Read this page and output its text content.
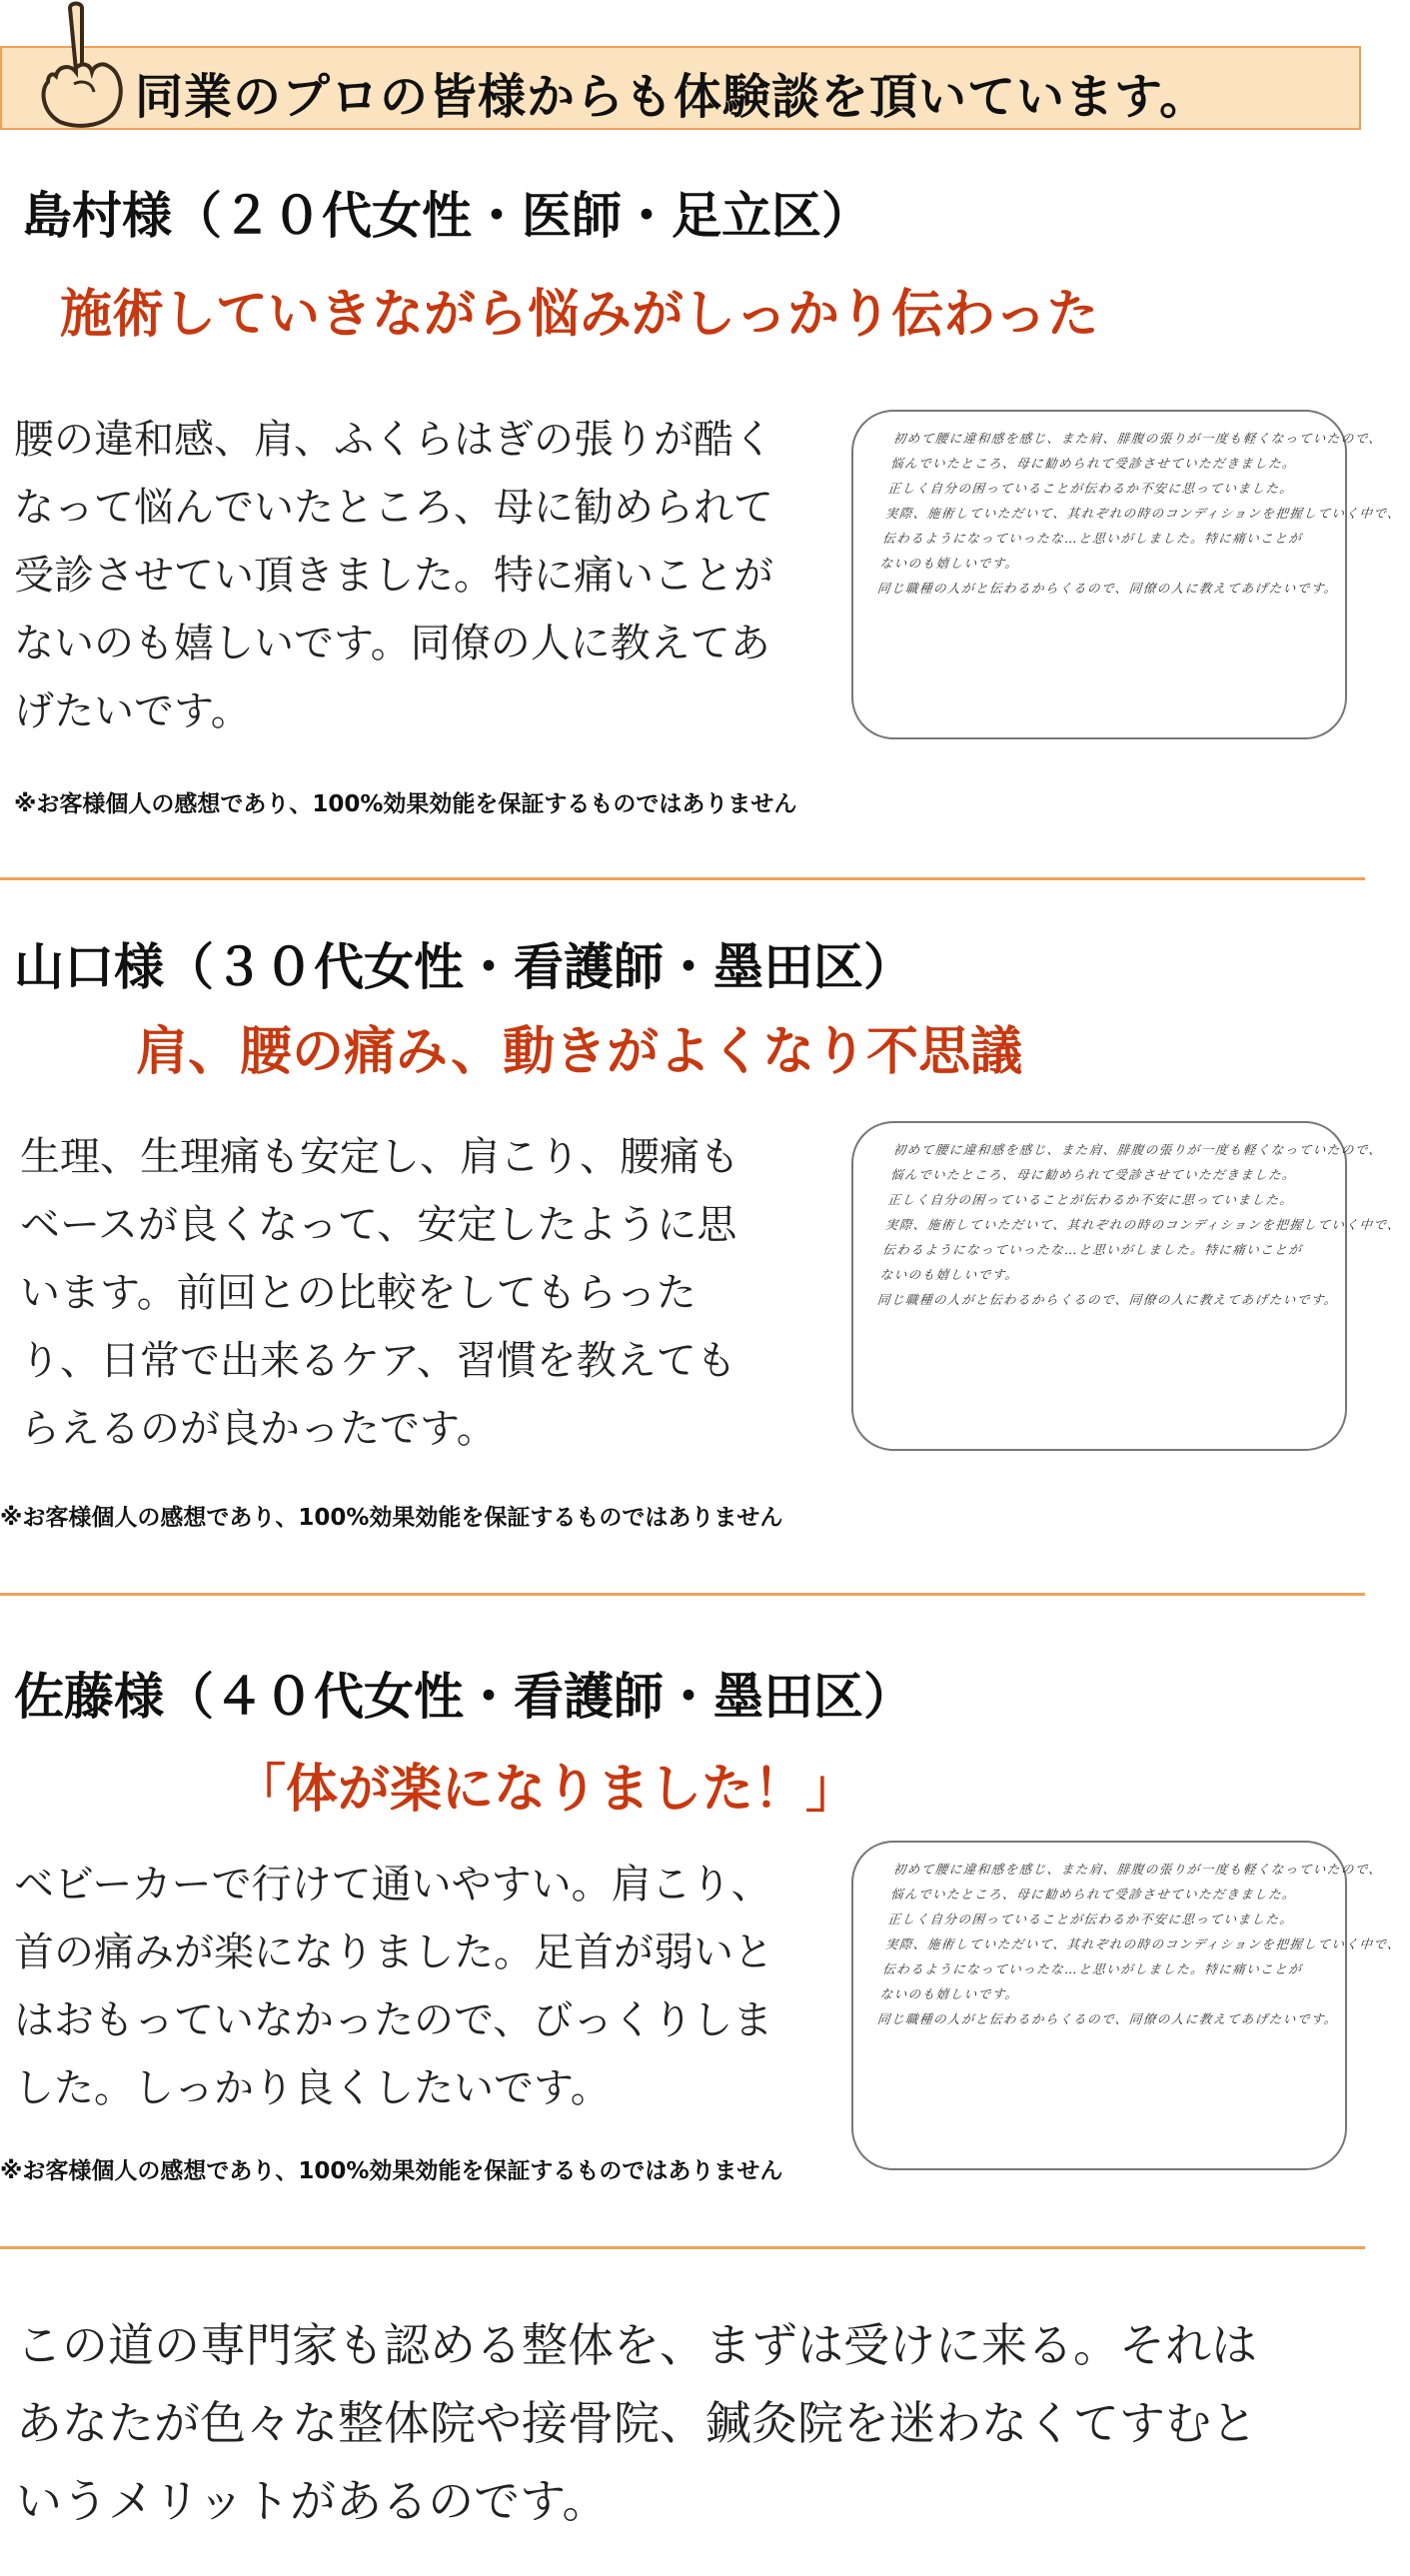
同業のプロの皆様からも体験談を頂いています。
島村様（２０代女性・医師・足立区）
施術していきながら悩みがしっかり伝わった
腰の違和感、肩、ふくらはぎの張りが酷く
なって悩んでいたところ、母に勧められて
受診させてい頂きました。特に痛いことが
ないのも嬉しいです。同僚の人に教えてあ
げたいです。
初めて腰に違和感を感じ、また肩、腓腹の張りが一度も軽くなっていたので、
悩んでいたところ、母に勧められて受診させていただきました。
正しく自分の困っていることが伝わるか不安に思っていました。
実際、施術していただいて、其れぞれの時のコンディションを把握していく中で、
伝わるようになっていったな…と思いがしました。特に痛いことが
ないのも嬉しいです。
同じ職種の人がと伝わるからくるので、同僚の人に教えてあげたいです。
※お客様個人の感想であり、100%効果効能を保証するものではありません
山口様（３０代女性・看護師・墨田区）
肩、腰の痛み、動きがよくなり不思議
生理、生理痛も安定し、肩こり、腰痛も
ベースが良くなって、安定したように思
います。前回との比較をしてもらった
り、日常で出来るケア、習慣を教えても
らえるのが良かったです。
初めて腰に違和感を感じ、また肩、腓腹の張りが一度も軽くなっていたので、
悩んでいたところ、母に勧められて受診させていただきました。
正しく自分の困っていることが伝わるか不安に思っていました。
実際、施術していただいて、其れぞれの時のコンディションを把握していく中で、
伝わるようになっていったな…と思いがしました。特に痛いことが
ないのも嬉しいです。
同じ職種の人がと伝わるからくるので、同僚の人に教えてあげたいです。
※お客様個人の感想であり、100%効果効能を保証するものではありません
佐藤様（４０代女性・看護師・墨田区）
「体が楽になりました！」
ベビーカーで行けて通いやすい。肩こり、
首の痛みが楽になりました。足首が弱いと
はおもっていなかったので、びっくりしま
した。しっかり良くしたいです。
初めて腰に違和感を感じ、また肩、腓腹の張りが一度も軽くなっていたので、
悩んでいたところ、母に勧められて受診させていただきました。
正しく自分の困っていることが伝わるか不安に思っていました。
実際、施術していただいて、其れぞれの時のコンディションを把握していく中で、
伝わるようになっていったな…と思いがしました。特に痛いことが
ないのも嬉しいです。
同じ職種の人がと伝わるからくるので、同僚の人に教えてあげたいです。
※お客様個人の感想であり、100%効果効能を保証するものではありません
この道の専門家も認める整体を、まずは受けに来る。それは
あなたが色々な整体院や接骨院、鍼灸院を迷わなくてすむと
いうメリットがあるのです。
